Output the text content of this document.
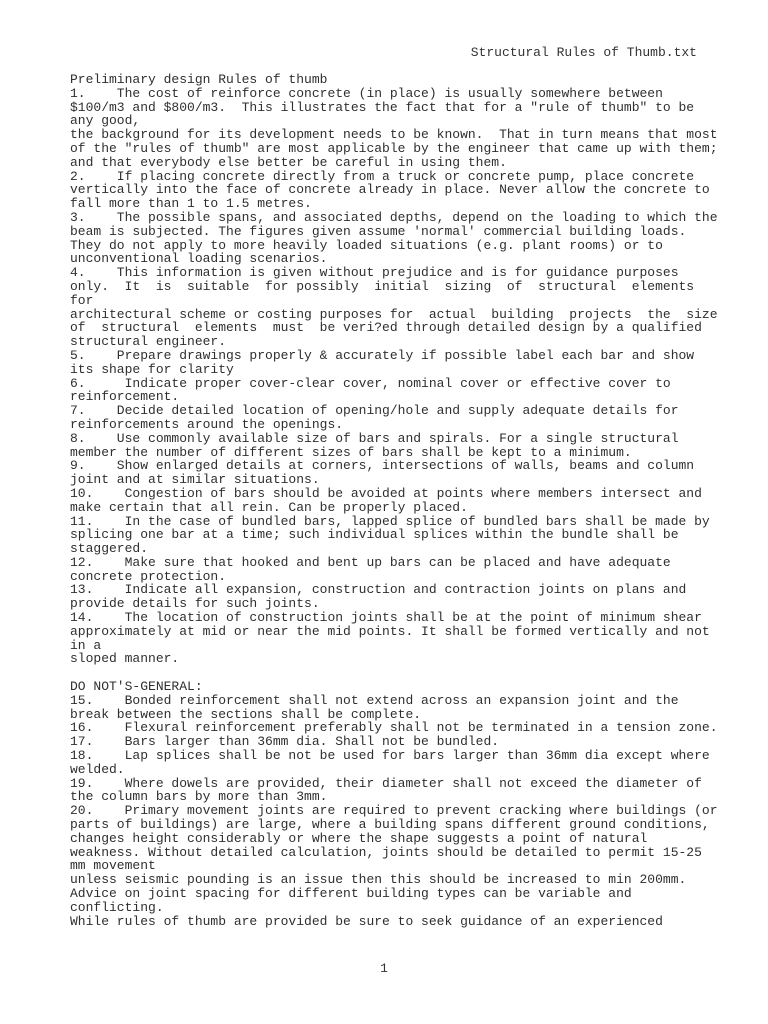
Structural Rules of Thumb.txt
Preliminary design Rules of thumb
1.    The cost of reinforce concrete (in place) is usually somewhere between
$100/m3 and $800/m3.  This illustrates the fact that for a "rule of thumb" to be
any good,
the background for its development needs to be known.  That in turn means that most
of the "rules of thumb" are most applicable by the engineer that came up with them;
and that everybody else better be careful in using them.
2.    If placing concrete directly from a truck or concrete pump, place concrete
vertically into the face of concrete already in place. Never allow the concrete to
fall more than 1 to 1.5 metres.
3.    The possible spans, and associated depths, depend on the loading to which the
beam is subjected. The figures given assume 'normal' commercial building loads.
They do not apply to more heavily loaded situations (e.g. plant rooms) or to
unconventional loading scenarios.
4.    This information is given without prejudice and is for guidance purposes
only.  It  is  suitable  for possibly  initial  sizing  of  structural  elements
for
architectural scheme or costing purposes for  actual  building  projects  the  size
of  structural  elements  must  be veri?ed through detailed design by a qualified
structural engineer.
5.    Prepare drawings properly & accurately if possible label each bar and show
its shape for clarity
6.     Indicate proper cover-clear cover, nominal cover or effective cover to
reinforcement.
7.    Decide detailed location of opening/hole and supply adequate details for
reinforcements around the openings.
8.    Use commonly available size of bars and spirals. For a single structural
member the number of different sizes of bars shall be kept to a minimum.
9.    Show enlarged details at corners, intersections of walls, beams and column
joint and at similar situations.
10.    Congestion of bars should be avoided at points where members intersect and
make certain that all rein. Can be properly placed.
11.    In the case of bundled bars, lapped splice of bundled bars shall be made by
splicing one bar at a time; such individual splices within the bundle shall be
staggered.
12.    Make sure that hooked and bent up bars can be placed and have adequate
concrete protection.
13.    Indicate all expansion, construction and contraction joints on plans and
provide details for such joints.
14.    The location of construction joints shall be at the point of minimum shear
approximately at mid or near the mid points. It shall be formed vertically and not
in a
sloped manner.
DO NOT'S-GENERAL:
15.    Bonded reinforcement shall not extend across an expansion joint and the
break between the sections shall be complete.
16.    Flexural reinforcement preferably shall not be terminated in a tension zone.
17.    Bars larger than 36mm dia. Shall not be bundled.
18.    Lap splices shall be not be used for bars larger than 36mm dia except where
welded.
19.    Where dowels are provided, their diameter shall not exceed the diameter of
the column bars by more than 3mm.
20.    Primary movement joints are required to prevent cracking where buildings (or
parts of buildings) are large, where a building spans different ground conditions,
changes height considerably or where the shape suggests a point of natural
weakness. Without detailed calculation, joints should be detailed to permit 15-25
mm movement
unless seismic pounding is an issue then this should be increased to min 200mm.
Advice on joint spacing for different building types can be variable and
conflicting.
While rules of thumb are provided be sure to seek guidance of an experienced
1
